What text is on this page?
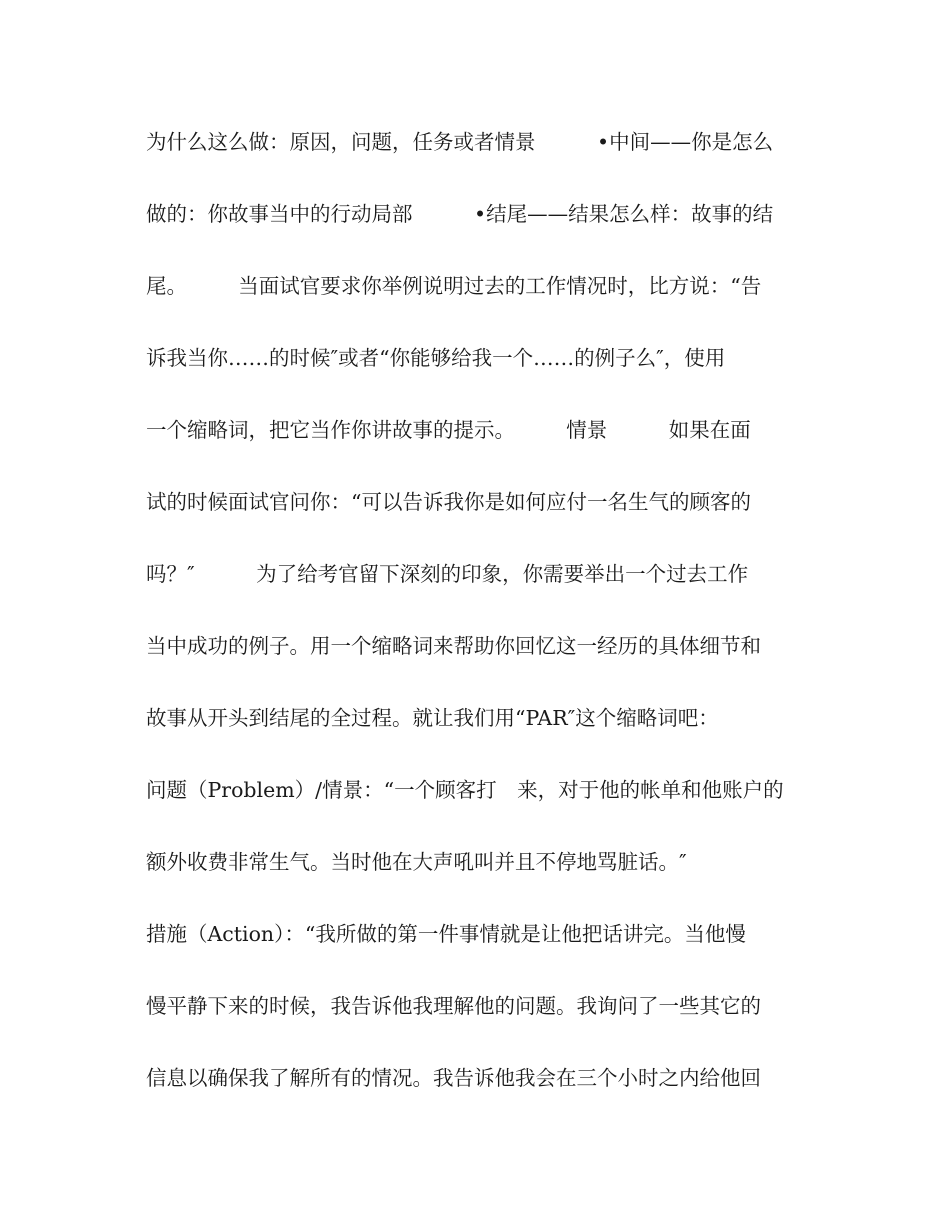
为什么这么做：原因，问题，任务或者情景　　　•中间——你是怎么
做的：你故事当中的行动局部　　　•结尾——结果怎么样：故事的结
尾。　　　当面试官要求你举例说明过去的工作情况时，比方说：“告
诉我当你……的时候″或者“你能够给我一个……的例子么″，使用
一个缩略词，把它当作你讲故事的提示。　　　情景　　　如果在面
试的时候面试官问你：“可以告诉我你是如何应付一名生气的顾客的
吗？″　　　为了给考官留下深刻的印象，你需要举出一个过去工作
当中成功的例子。用一个缩略词来帮助你回忆这一经历的具体细节和
故事从开头到结尾的全过程。就让我们用“PAR″这个缩略词吧：
问题（Problem）/情景：“一个顾客打　来，对于他的帐单和他账户的
额外收费非常生气。当时他在大声吼叫并且不停地骂脏话。″
措施（Action）：“我所做的第一件事情就是让他把话讲完。当他慢
慢平静下来的时候，我告诉他我理解他的问题。我询问了一些其它的
信息以确保我了解所有的情况。我告诉他我会在三个小时之内给他回
